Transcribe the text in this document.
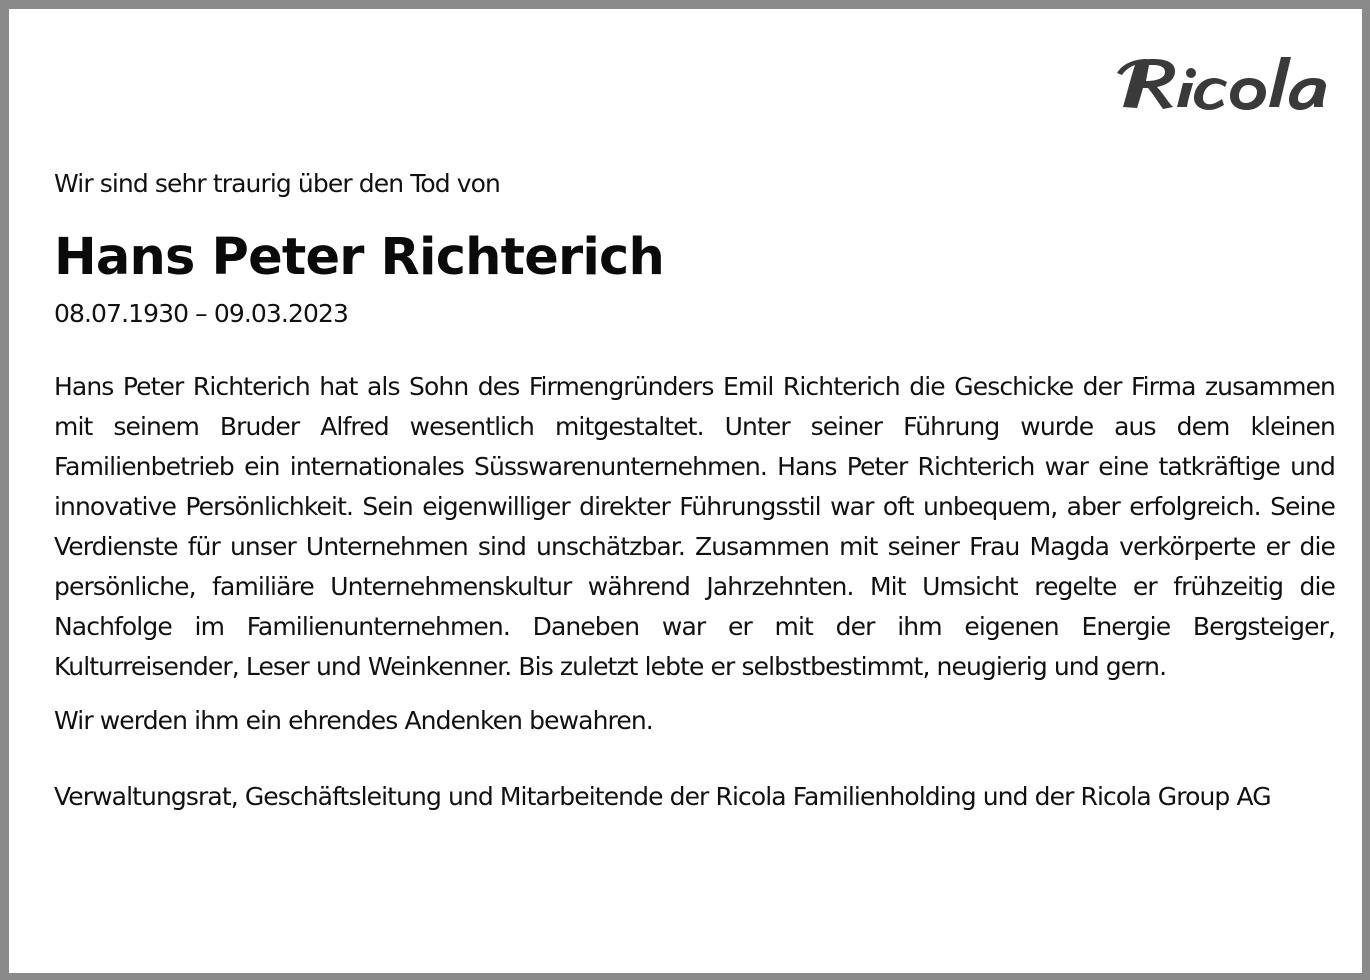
Wir sind sehr traurig über den Tod von

Hans Peter Richterich

08.07.1930 – 09.03.2023

Hans Peter Richterich hat als Sohn des Firmengründers Emil Richterich die Geschicke der Firma zusammen mit seinem Bruder Alfred wesentlich mitgestaltet. Unter seiner Führung wurde aus dem kleinen Familienbetrieb ein internationales Süsswarenunternehmen. Hans Peter Richterich war eine tatkräftige und innovative Persönlichkeit. Sein eigenwilliger direkter Führungsstil war oft unbequem, aber erfolgreich. Seine Verdienste für unser Unternehmen sind unschätzbar. Zusammen mit seiner Frau Magda verkörperte er die persönliche, familiäre Unternehmenskultur während Jahrzehnten. Mit Umsicht regelte er frühzeitig die Nachfolge im Familienunternehmen. Daneben war er mit der ihm eigenen Energie Bergsteiger, Kulturreisender, Leser und Weinkenner. Bis zuletzt lebte er selbstbestimmt, neugierig und gern.

Wir werden ihm ein ehrendes Andenken bewahren.

Verwaltungsrat, Geschäftsleitung und Mitarbeitende der Ricola Familienholding und der Ricola Group AG
